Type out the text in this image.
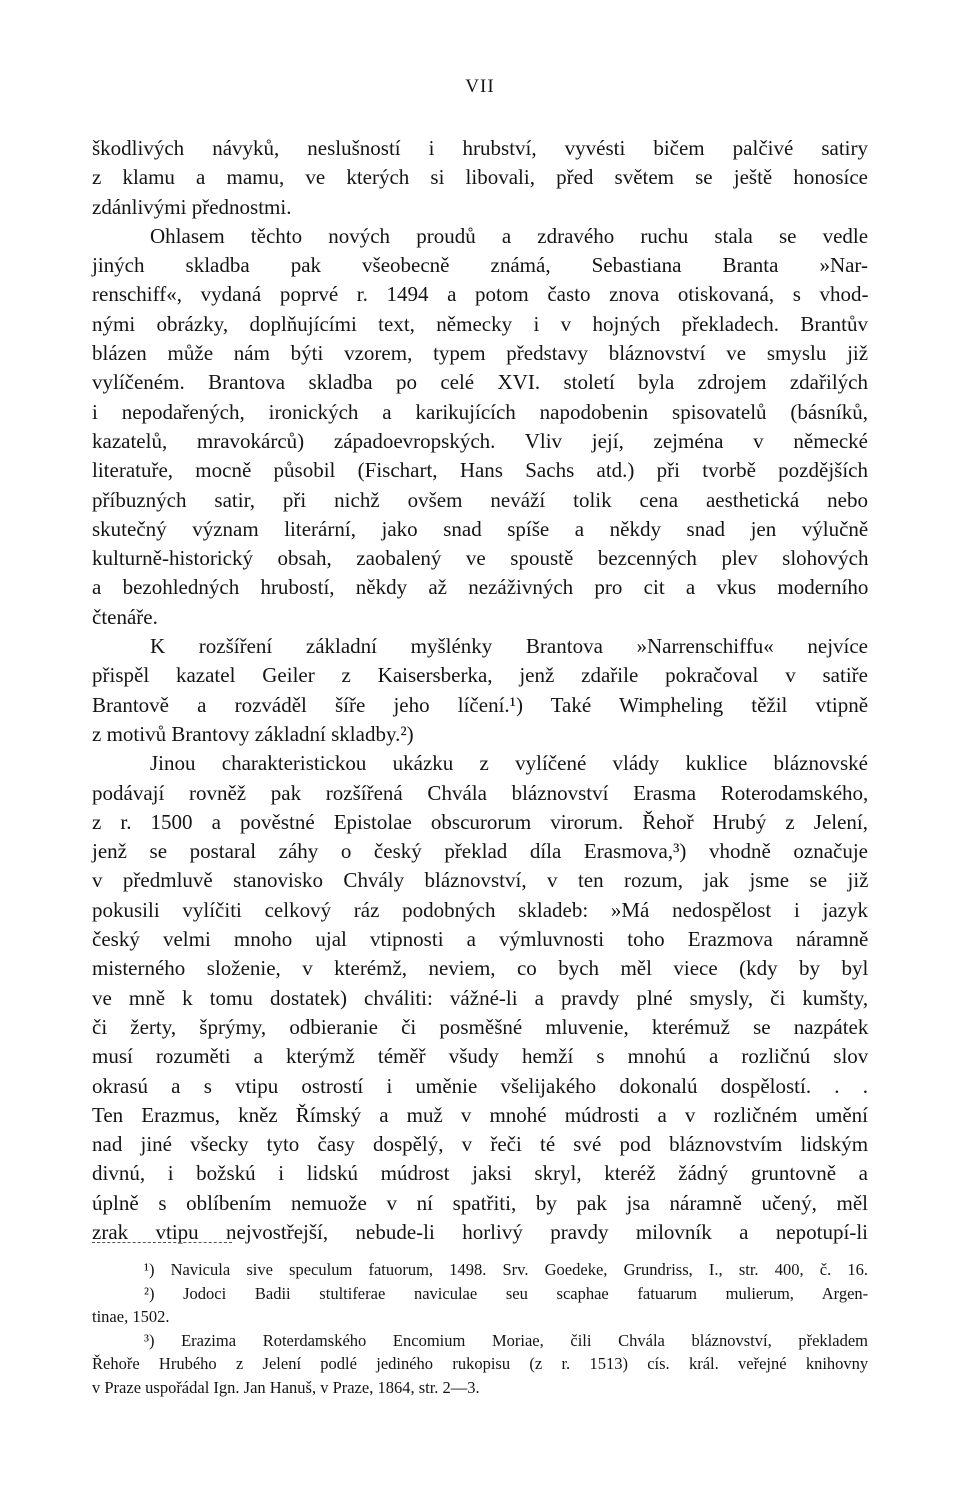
VII
škodlivých návyků, neslušností i hrubství, vyvésti bičem palčivé satiry
z klamu a mamu, ve kterých si libovali, před světem se ještě honosíce
zdánlivými přednostmi.
Ohlasem těchto nových proudů a zdravého ruchu stala se vedle
jiných skladba pak všeobecně známá, Sebastiana Branta »Nar-
renschiff«, vydaná poprvé r. 1494 a potom často znova otiskovaná, s vhod-
nými obrázky, doplňujícími text, německy i v hojných překladech. Brantův
blázen může nám býti vzorem, typem představy bláznovství ve smyslu již
vylíčeném. Brantova skladba po celé XVI. století byla zdrojem zdařilých
i nepodařených, ironických a karikujících napodobenin spisovatelů (básníků,
kazatelů, mravokárců) západoevropských. Vliv její, zejména v německé
literatuře, mocně působil (Fischart, Hans Sachs atd.) při tvorbě pozdějších
příbuzných satir, při nichž ovšem neváží tolik cena aesthetická nebo
skutečný význam literární, jako snad spíše a někdy snad jen výlučně
kulturně-historický obsah, zaobalený ve spoustě bezcenných plev slohových
a bezohledných hrubostí, někdy až nezáživných pro cit a vkus moderního
čtenáře.
K rozšíření základní myšlénky Brantova »Narrenschiffu« nejvíce
přispěl kazatel Geiler z Kaisersberka, jenž zdařile pokračoval v satiře
Brantově a rozváděl šíře jeho líčení.¹) Také Wimpheling těžil vtipně
z motivů Brantovy základní skladby.²)
Jinou charakteristickou ukázku z vylíčené vlády kuklice bláznovské
podávají rovněž pak rozšířená Chvála bláznovství Erasma Roterodamského,
z r. 1500 a pověstné Epistolae obscurorum virorum. Řehoř Hrubý z Jelení,
jenž se postaral záhy o český překlad díla Erasmova,³) vhodně označuje
v předmluvě stanovisko Chvály bláznovství, v ten rozum, jak jsme se již
pokusili vylíčiti celkový ráz podobných skladeb: »Má nedospělost i jazyk
český velmi mnoho ujal vtipnosti a výmluvnosti toho Erazmova náramně
misterného složenie, v kterémž, neviem, co bych měl viece (kdy by byl
ve mně k tomu dostatek) chváliti: vážné-li a pravdy plné smysly, či kumšty,
či žerty, šprýmy, odbieranie či posměšné mluvenie, kterémuž se nazpátek
musí rozuměti a kterýmž téměř všudy hemží s mnohú a rozličnú slov
okrasú a s vtipu ostrostí i uměnie všelijakého dokonalú dospělostí. . .
Ten Erazmus, kněz Římský a muž v mnohé múdrosti a v rozličném umění
nad jiné všecky tyto časy dospělý, v řeči té své pod bláznovstvím lidským
divnú, i božskú i lidskú múdrost jaksi skryl, kteréž žádný gruntovně a
úplně s oblíbením nemuože v ní spatřiti, by pak jsa náramně učený, měl
zrak vtipu nejvostřejší, nebude-li horlivý pravdy milovník a nepotupí-li
¹) Navicula sive speculum fatuorum, 1498. Srv. Goedeke, Grundriss, I., str. 400, č. 16.
²) Jodoci Badii stultiferae naviculae seu scaphae fatuarum mulierum, Argen-
tinae, 1502.
³) Erazima Roterdamského Encomium Moriae, čili Chvála bláznovství, překladem
Řehoře Hrubého z Jelení podlé jediného rukopisu (z r. 1513) cís. král. veřejné knihovny
v Praze uspořádal Ign. Jan Hanuš, v Praze, 1864, str. 2—3.
